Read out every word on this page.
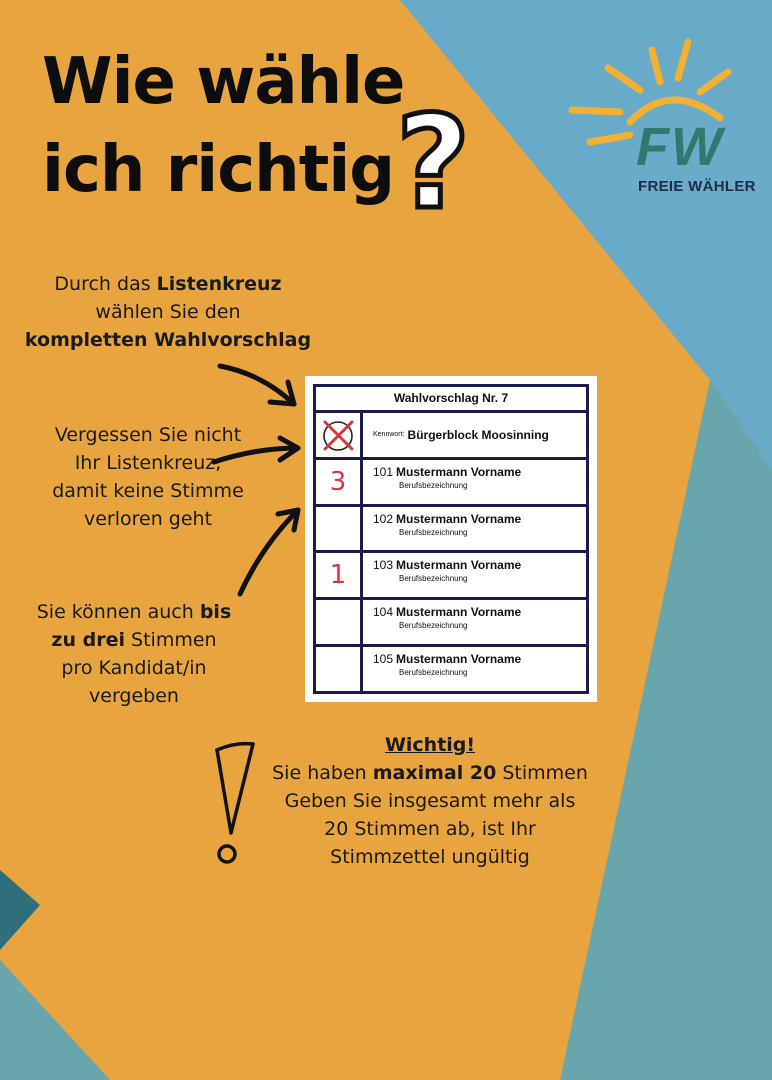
Wie wähle
ich richtig ?	FW
FREIE WÄHLER
Durch das Listenkreuz
wählen Sie den
kompletten Wahlvorschlag
Vergessen Sie nicht
Ihr Listenkreuz,
damit keine Stimme
verloren geht
Sie können auch bis
zu drei Stimmen
pro Kandidat/in
vergeben
Wichtig!
Sie haben maximal 20 Stimmen
Geben Sie insgesamt mehr als
20 Stimmen ab, ist Ihr
Stimmzettel ungültig
Wahlvorschlag Nr. 7
Kennwort: Bürgerblock Moosinning
3	101 Mustermann Vorname
Berufsbezeichnung
102 Mustermann Vorname
Berufsbezeichnung
1	103 Mustermann Vorname
Berufsbezeichnung
104 Mustermann Vorname
Berufsbezeichnung
105 Mustermann Vorname
Berufsbezeichnung
